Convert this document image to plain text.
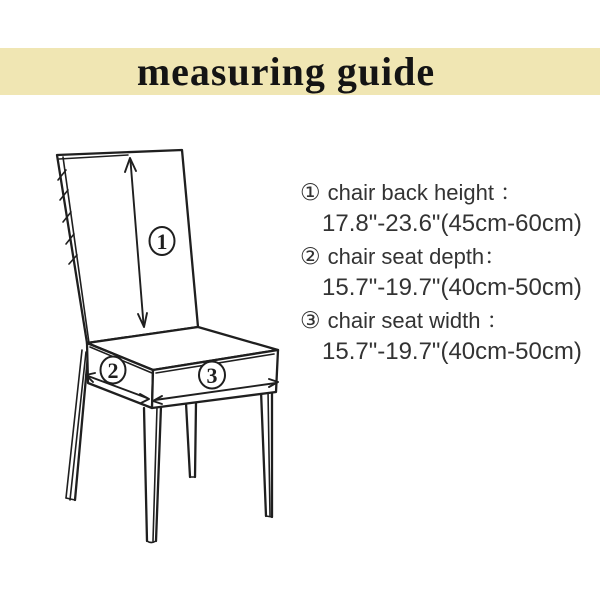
measuring guide
1
2	3
① chair back height ：
17.8"-23.6"(45cm-60cm)
② chair seat depth：
15.7"-19.7"(40cm-50cm)
③ chair seat width ：
15.7"-19.7"(40cm-50cm)
